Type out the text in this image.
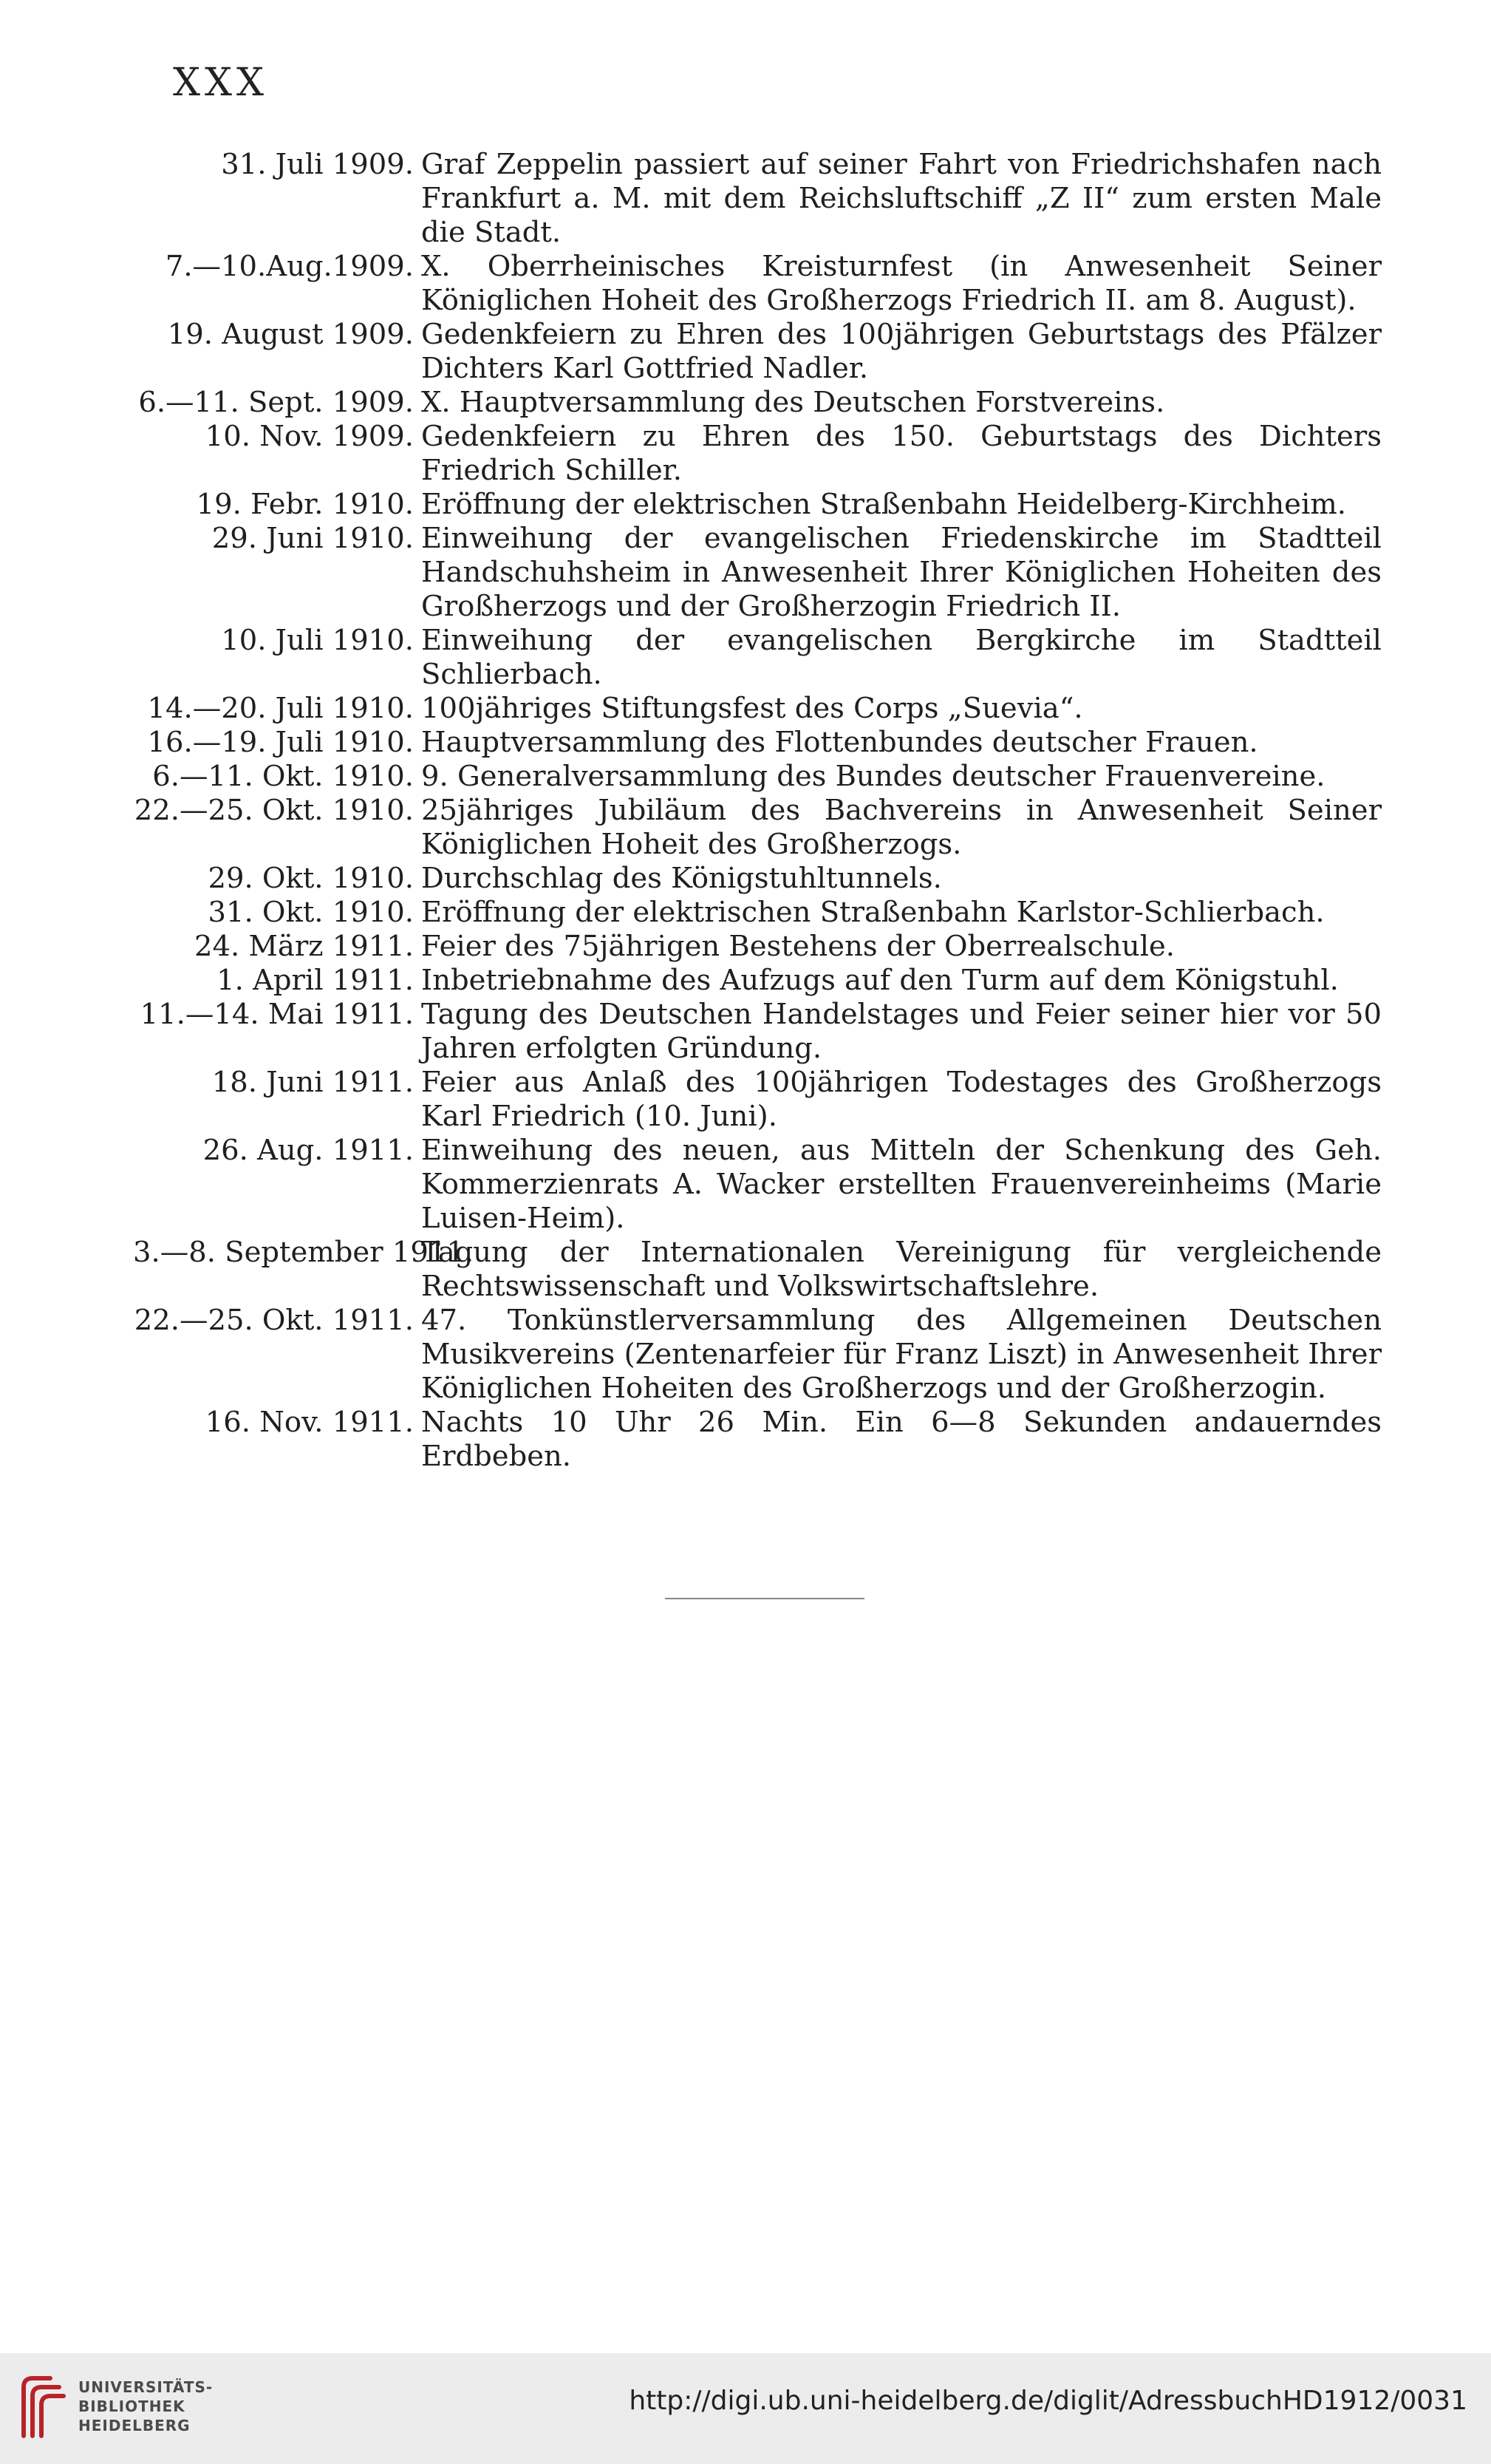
XXX
31. Juli 1909. Graf Zeppelin passiert auf seiner Fahrt von Friedrichshafen nach Frankfurt a. M. mit dem Reichsluftschiff „Z II“ zum ersten Male die Stadt.
7.—10.Aug.1909. X. Oberrheinisches Kreisturnfest (in Anwesenheit Seiner Königlichen Hoheit des Großherzogs Friedrich II. am 8. August).
19. August 1909. Gedenkfeiern zu Ehren des 100jährigen Geburtstags des Pfälzer Dichters Karl Gottfried Nadler.
6.—11. Sept. 1909. X. Hauptversammlung des Deutschen Forstvereins.
10. Nov. 1909. Gedenkfeiern zu Ehren des 150. Geburtstags des Dichters Friedrich Schiller.
19. Febr. 1910. Eröffnung der elektrischen Straßenbahn Heidelberg-Kirchheim.
29. Juni 1910. Einweihung der evangelischen Friedenskirche im Stadtteil Handschuhsheim in Anwesenheit Ihrer Königlichen Hoheiten des Großherzogs und der Großherzogin Friedrich II.
10. Juli 1910. Einweihung der evangelischen Bergkirche im Stadtteil Schlierbach.
14.—20. Juli 1910. 100jähriges Stiftungsfest des Corps „Suevia“.
16.—19. Juli 1910. Hauptversammlung des Flottenbundes deutscher Frauen.
6.—11. Okt. 1910. 9. Generalversammlung des Bundes deutscher Frauenvereine.
22.—25. Okt. 1910. 25jähriges Jubiläum des Bachvereins in Anwesenheit Seiner Königlichen Hoheit des Großherzogs.
29. Okt. 1910. Durchschlag des Königstuhltunnels.
31. Okt. 1910. Eröffnung der elektrischen Straßenbahn Karlstor-Schlierbach.
24. März 1911. Feier des 75jährigen Bestehens der Oberrealschule.
1. April 1911. Inbetriebnahme des Aufzugs auf den Turm auf dem Königstuhl.
11.—14. Mai 1911. Tagung des Deutschen Handelstages und Feier seiner hier vor 50 Jahren erfolgten Gründung.
18. Juni 1911. Feier aus Anlaß des 100jährigen Todestages des Großherzogs Karl Friedrich (10. Juni).
26. Aug. 1911. Einweihung des neuen, aus Mitteln der Schenkung des Geh. Kommerzienrats A. Wacker erstellten Frauenvereinheims (Marie Luisen-Heim).
3.—8. September 1911.
Tagung der Internationalen Vereinigung für vergleichende Rechtswissenschaft und Volkswirtschaftslehre.
22.—25. Okt. 1911. 47. Tonkünstlerversammlung des Allgemeinen Deutschen Musikvereins (Zentenarfeier für Franz Liszt) in Anwesenheit Ihrer Königlichen Hoheiten des Großherzogs und der Großherzogin.
16. Nov. 1911. Nachts 10 Uhr 26 Min. Ein 6—8 Sekunden andauerndes Erdbeben.
UNIVERSITÄTS-
BIBLIOTHEK
HEIDELBERG
http://digi.ub.uni-heidelberg.de/diglit/AdressbuchHD1912/0031
